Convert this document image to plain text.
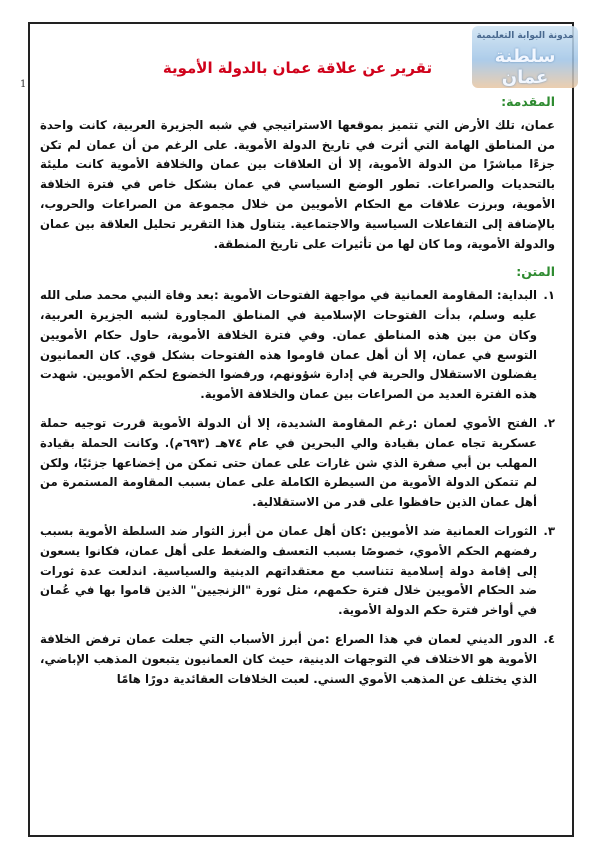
1
مدونة البوابة التعليمية
سلطنة عمان
تقرير عن علاقة عمان بالدولة الأموية
المقدمة:

عمان، تلك الأرض التي تتميز بموقعها الاستراتيجي في شبه الجزيرة العربية، كانت واحدة من المناطق الهامة التي أثرت في تاريخ الدولة الأموية. على الرغم من أن عمان لم تكن جزءًا مباشرًا من الدولة الأموية، إلا أن العلاقات بين عمان والخلافة الأموية كانت مليئة بالتحديات والصراعات. تطور الوضع السياسي في عمان بشكل خاص في فترة الخلافة الأموية، وبرزت علاقات مع الحكام الأمويين من خلال مجموعة من الصراعات والحروب، بالإضافة إلى التفاعلات السياسية والاجتماعية. يتناول هذا التقرير تحليل العلاقة بين عمان والدولة الأموية، وما كان لها من تأثيرات على تاريخ المنطقة.

المتن:
البداية: المقاومة العمانية في مواجهة الفتوحات الأموية :بعد وفاة النبي محمد صلى الله عليه وسلم، بدأت الفتوحات الإسلامية في المناطق المجاورة لشبه الجزيرة العربية، وكان من بين هذه المناطق عمان. وفي فترة الخلافة الأموية، حاول حكام الأمويين التوسع في عمان، إلا أن أهل عمان قاوموا هذه الفتوحات بشكل قوي. كان العمانيون يفضلون الاستقلال والحرية في إدارة شؤونهم، ورفضوا الخضوع لحكم الأمويين. شهدت هذه الفترة العديد من الصراعات بين عمان والخلافة الأموية.
الفتح الأموي لعمان :رغم المقاومة الشديدة، إلا أن الدولة الأموية قررت توجيه حملة عسكرية تجاه عمان بقيادة والي البحرين في عام ٧٤هـ (٦٩٣م). وكانت الحملة بقيادة المهلب بن أبي صفرة الذي شن غارات على عمان حتى تمكن من إخضاعها جزئيًا، ولكن لم تتمكن الدولة الأموية من السيطرة الكاملة على عمان بسبب المقاومة المستمرة من أهل عمان الذين حافظوا على قدر من الاستقلالية.
الثورات العمانية ضد الأمويين :كان أهل عمان من أبرز الثوار ضد السلطة الأموية بسبب رفضهم الحكم الأموي، خصوصًا بسبب التعسف والضغط على أهل عمان، فكانوا يسعون إلى إقامة دولة إسلامية تتناسب مع معتقداتهم الدينية والسياسية. اندلعت عدة ثورات ضد الحكام الأمويين خلال فترة حكمهم، مثل ثورة "الزنجيين" الذين قاموا بها في عُمان في أواخر فترة حكم الدولة الأموية.
الدور الديني لعمان في هذا الصراع :من أبرز الأسباب التي جعلت عمان ترفض الخلافة الأموية هو الاختلاف في التوجهات الدينية، حيث كان العمانيون يتبعون المذهب الإباضي، الذي يختلف عن المذهب الأموي السني. لعبت الخلافات العقائدية دورًا هامًا
